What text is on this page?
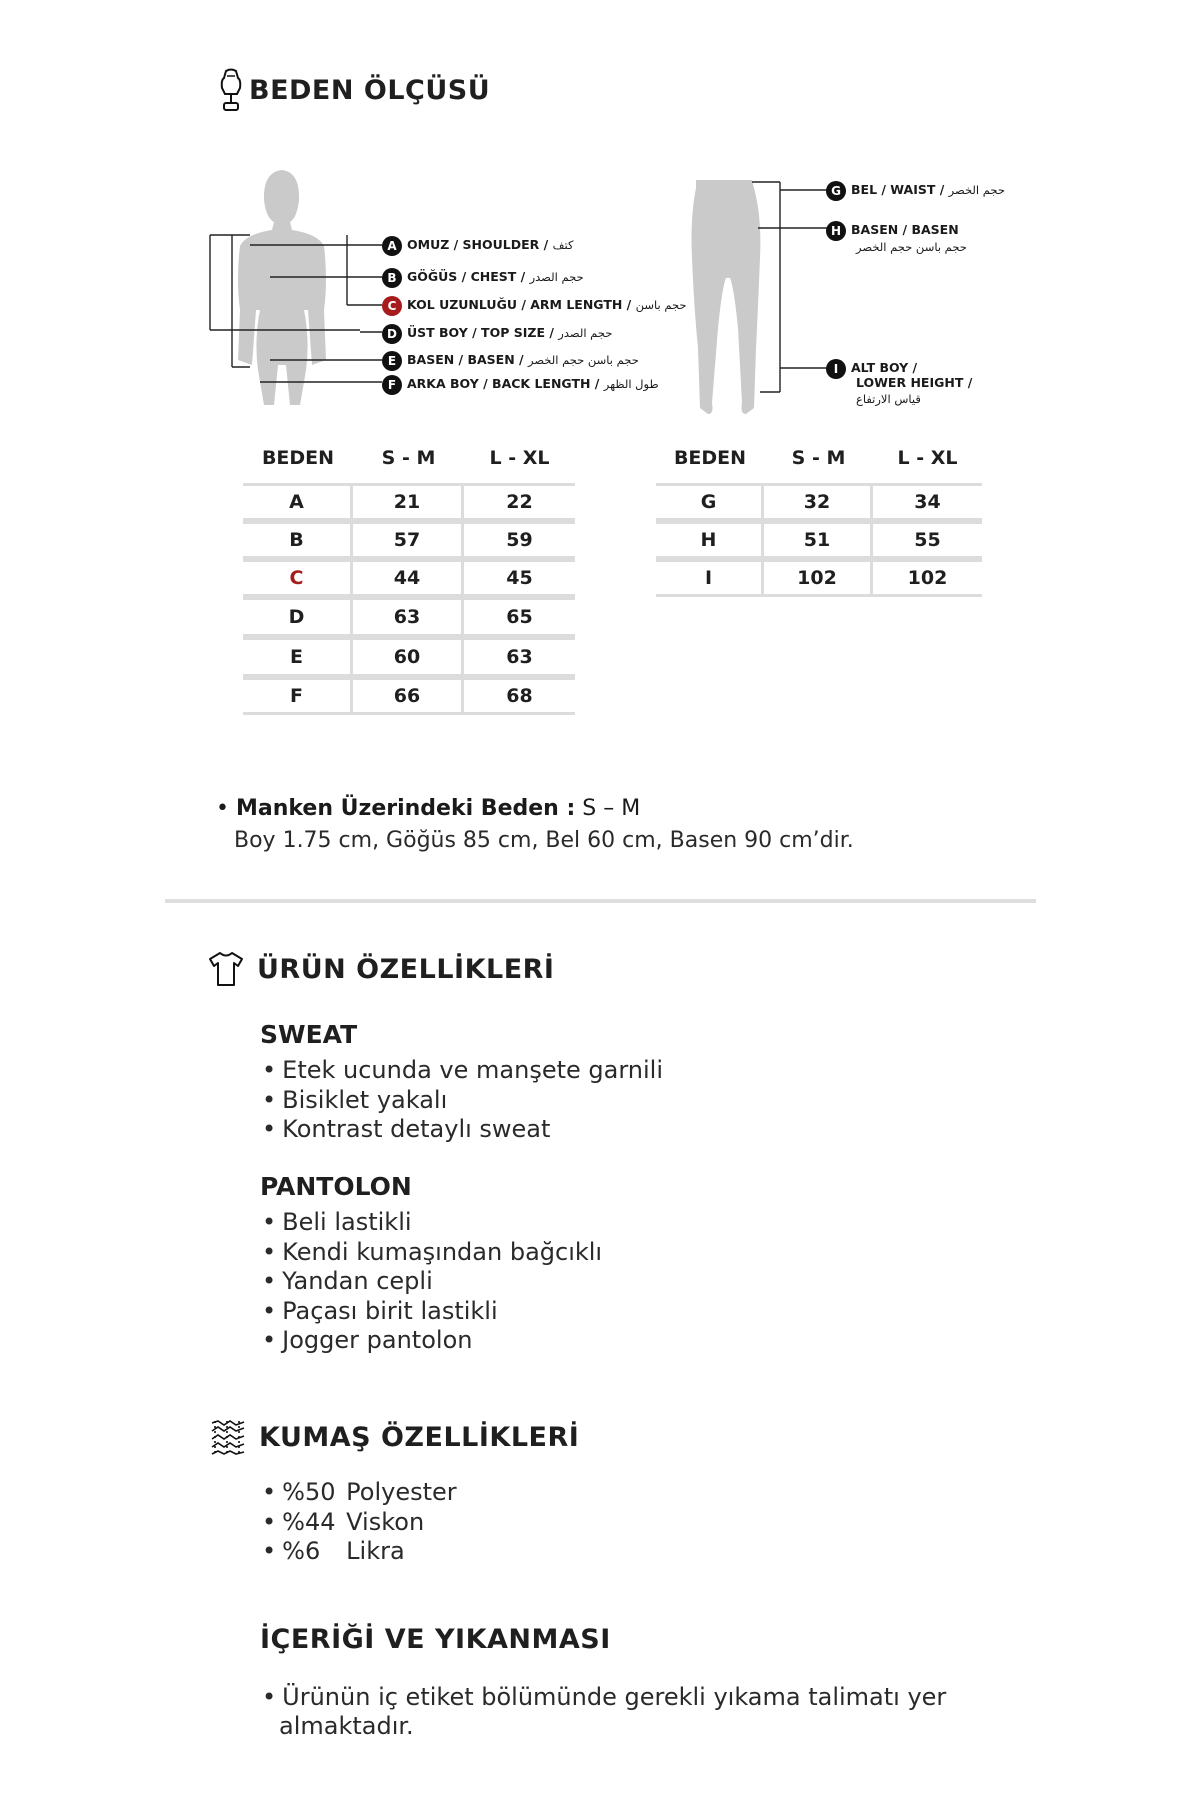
BEDEN ÖLÇÜSÜ
A OMUZ / SHOULDER / كتف
B GÖĞÜS / CHEST / حجم الصدر
C KOL UZUNLUĞU / ARM LENGTH / حجم باسن
D ÜST BOY / TOP SIZE / حجم الصدر
E BASEN / BASEN / حجم باسن حجم الخصر
F ARKA BOY / BACK LENGTH / طول الظهر
G BEL / WAIST / حجم الخصر
H BASEN / BASEN
حجم باسن حجم الخصر
I ALT BOY /
LOWER HEIGHT /
قياس الارتفاع
BEDEN	S - M	L - XL
A	21	22
B	57	59
C	44	45
D	63	65
E	60	63
F	66	68
BEDEN	S - M	L - XL
G	32	34
H	51	55
I	102	102
• Manken Üzerindeki Beden : S – M
Boy 1.75 cm, Göğüs 85 cm, Bel 60 cm, Basen 90 cm’dir.
ÜRÜN ÖZELLİKLERİ
SWEAT
• Etek ucunda ve manşete garnili
• Bisiklet yakalı
• Kontrast detaylı sweat
PANTOLON
• Beli lastikli
• Kendi kumaşından bağcıklı
• Yandan cepli
• Paçası birit lastikli
• Jogger pantolon
KUMAŞ ÖZELLİKLERİ
• %50 Polyester
• %44 Viskon
• %6 Likra
İÇERİĞİ VE YIKANMASI
• Ürünün iç etiket bölümünde gerekli yıkama talimatı yer
almaktadır.
